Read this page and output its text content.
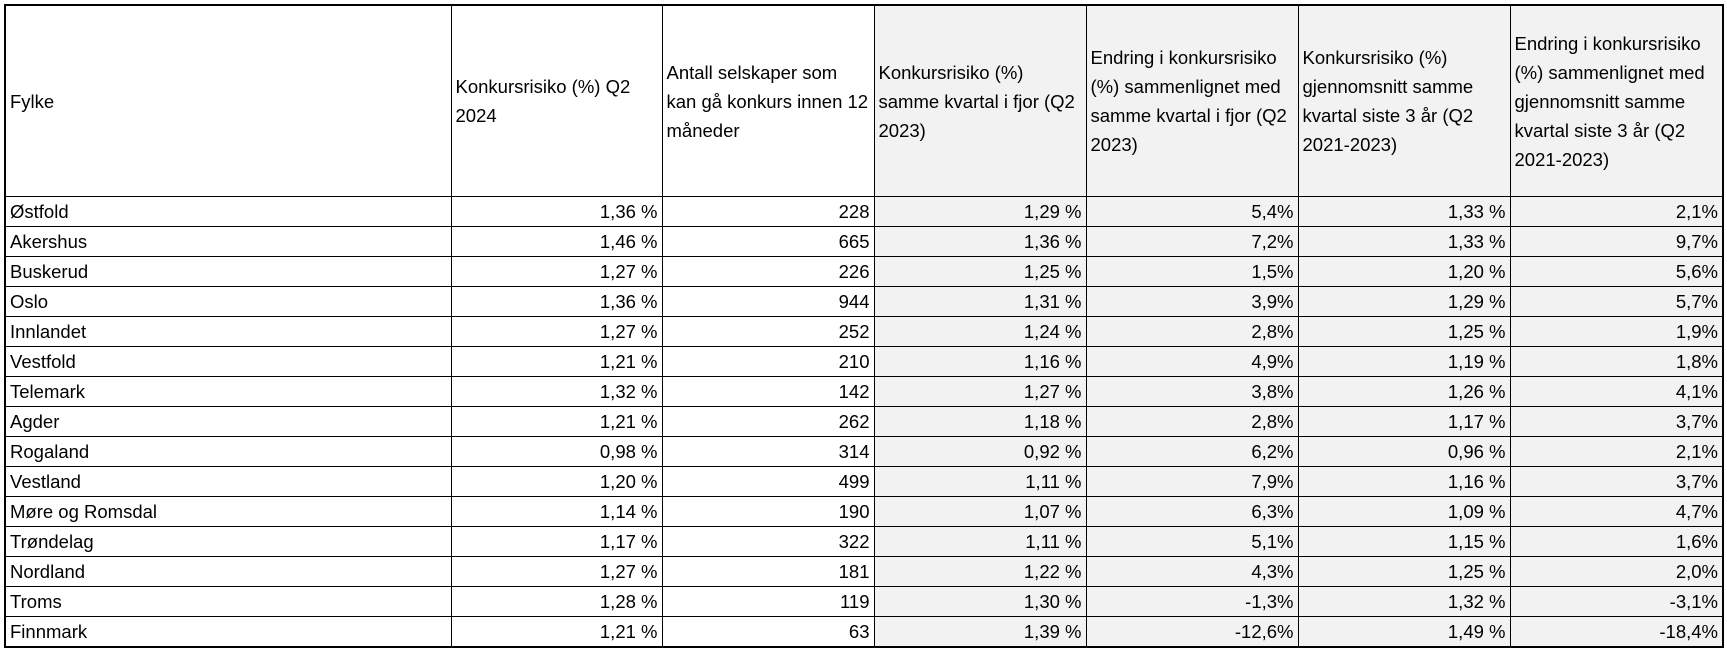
Fylke	Konkursrisiko (%) Q2 2024	Antall selskaper som kan gå konkurs innen 12 måneder	Konkursrisiko (%) samme kvartal i fjor (Q2 2023)	Endring i konkursrisiko (%) sammenlignet med samme kvartal i fjor (Q2 2023)	Konkursrisiko (%) gjennomsnitt samme kvartal siste 3 år (Q2 2021-2023)	Endring i konkursrisiko (%) sammenlignet med gjennomsnitt samme kvartal siste 3 år (Q2 2021-2023)
Østfold	1,36 %	228	1,29 %	5,4%	1,33 %	2,1%
Akershus	1,46 %	665	1,36 %	7,2%	1,33 %	9,7%
Buskerud	1,27 %	226	1,25 %	1,5%	1,20 %	5,6%
Oslo	1,36 %	944	1,31 %	3,9%	1,29 %	5,7%
Innlandet	1,27 %	252	1,24 %	2,8%	1,25 %	1,9%
Vestfold	1,21 %	210	1,16 %	4,9%	1,19 %	1,8%
Telemark	1,32 %	142	1,27 %	3,8%	1,26 %	4,1%
Agder	1,21 %	262	1,18 %	2,8%	1,17 %	3,7%
Rogaland	0,98 %	314	0,92 %	6,2%	0,96 %	2,1%
Vestland	1,20 %	499	1,11 %	7,9%	1,16 %	3,7%
Møre og Romsdal	1,14 %	190	1,07 %	6,3%	1,09 %	4,7%
Trøndelag	1,17 %	322	1,11 %	5,1%	1,15 %	1,6%
Nordland	1,27 %	181	1,22 %	4,3%	1,25 %	2,0%
Troms	1,28 %	119	1,30 %	-1,3%	1,32 %	-3,1%
Finnmark	1,21 %	63	1,39 %	-12,6%	1,49 %	-18,4%
